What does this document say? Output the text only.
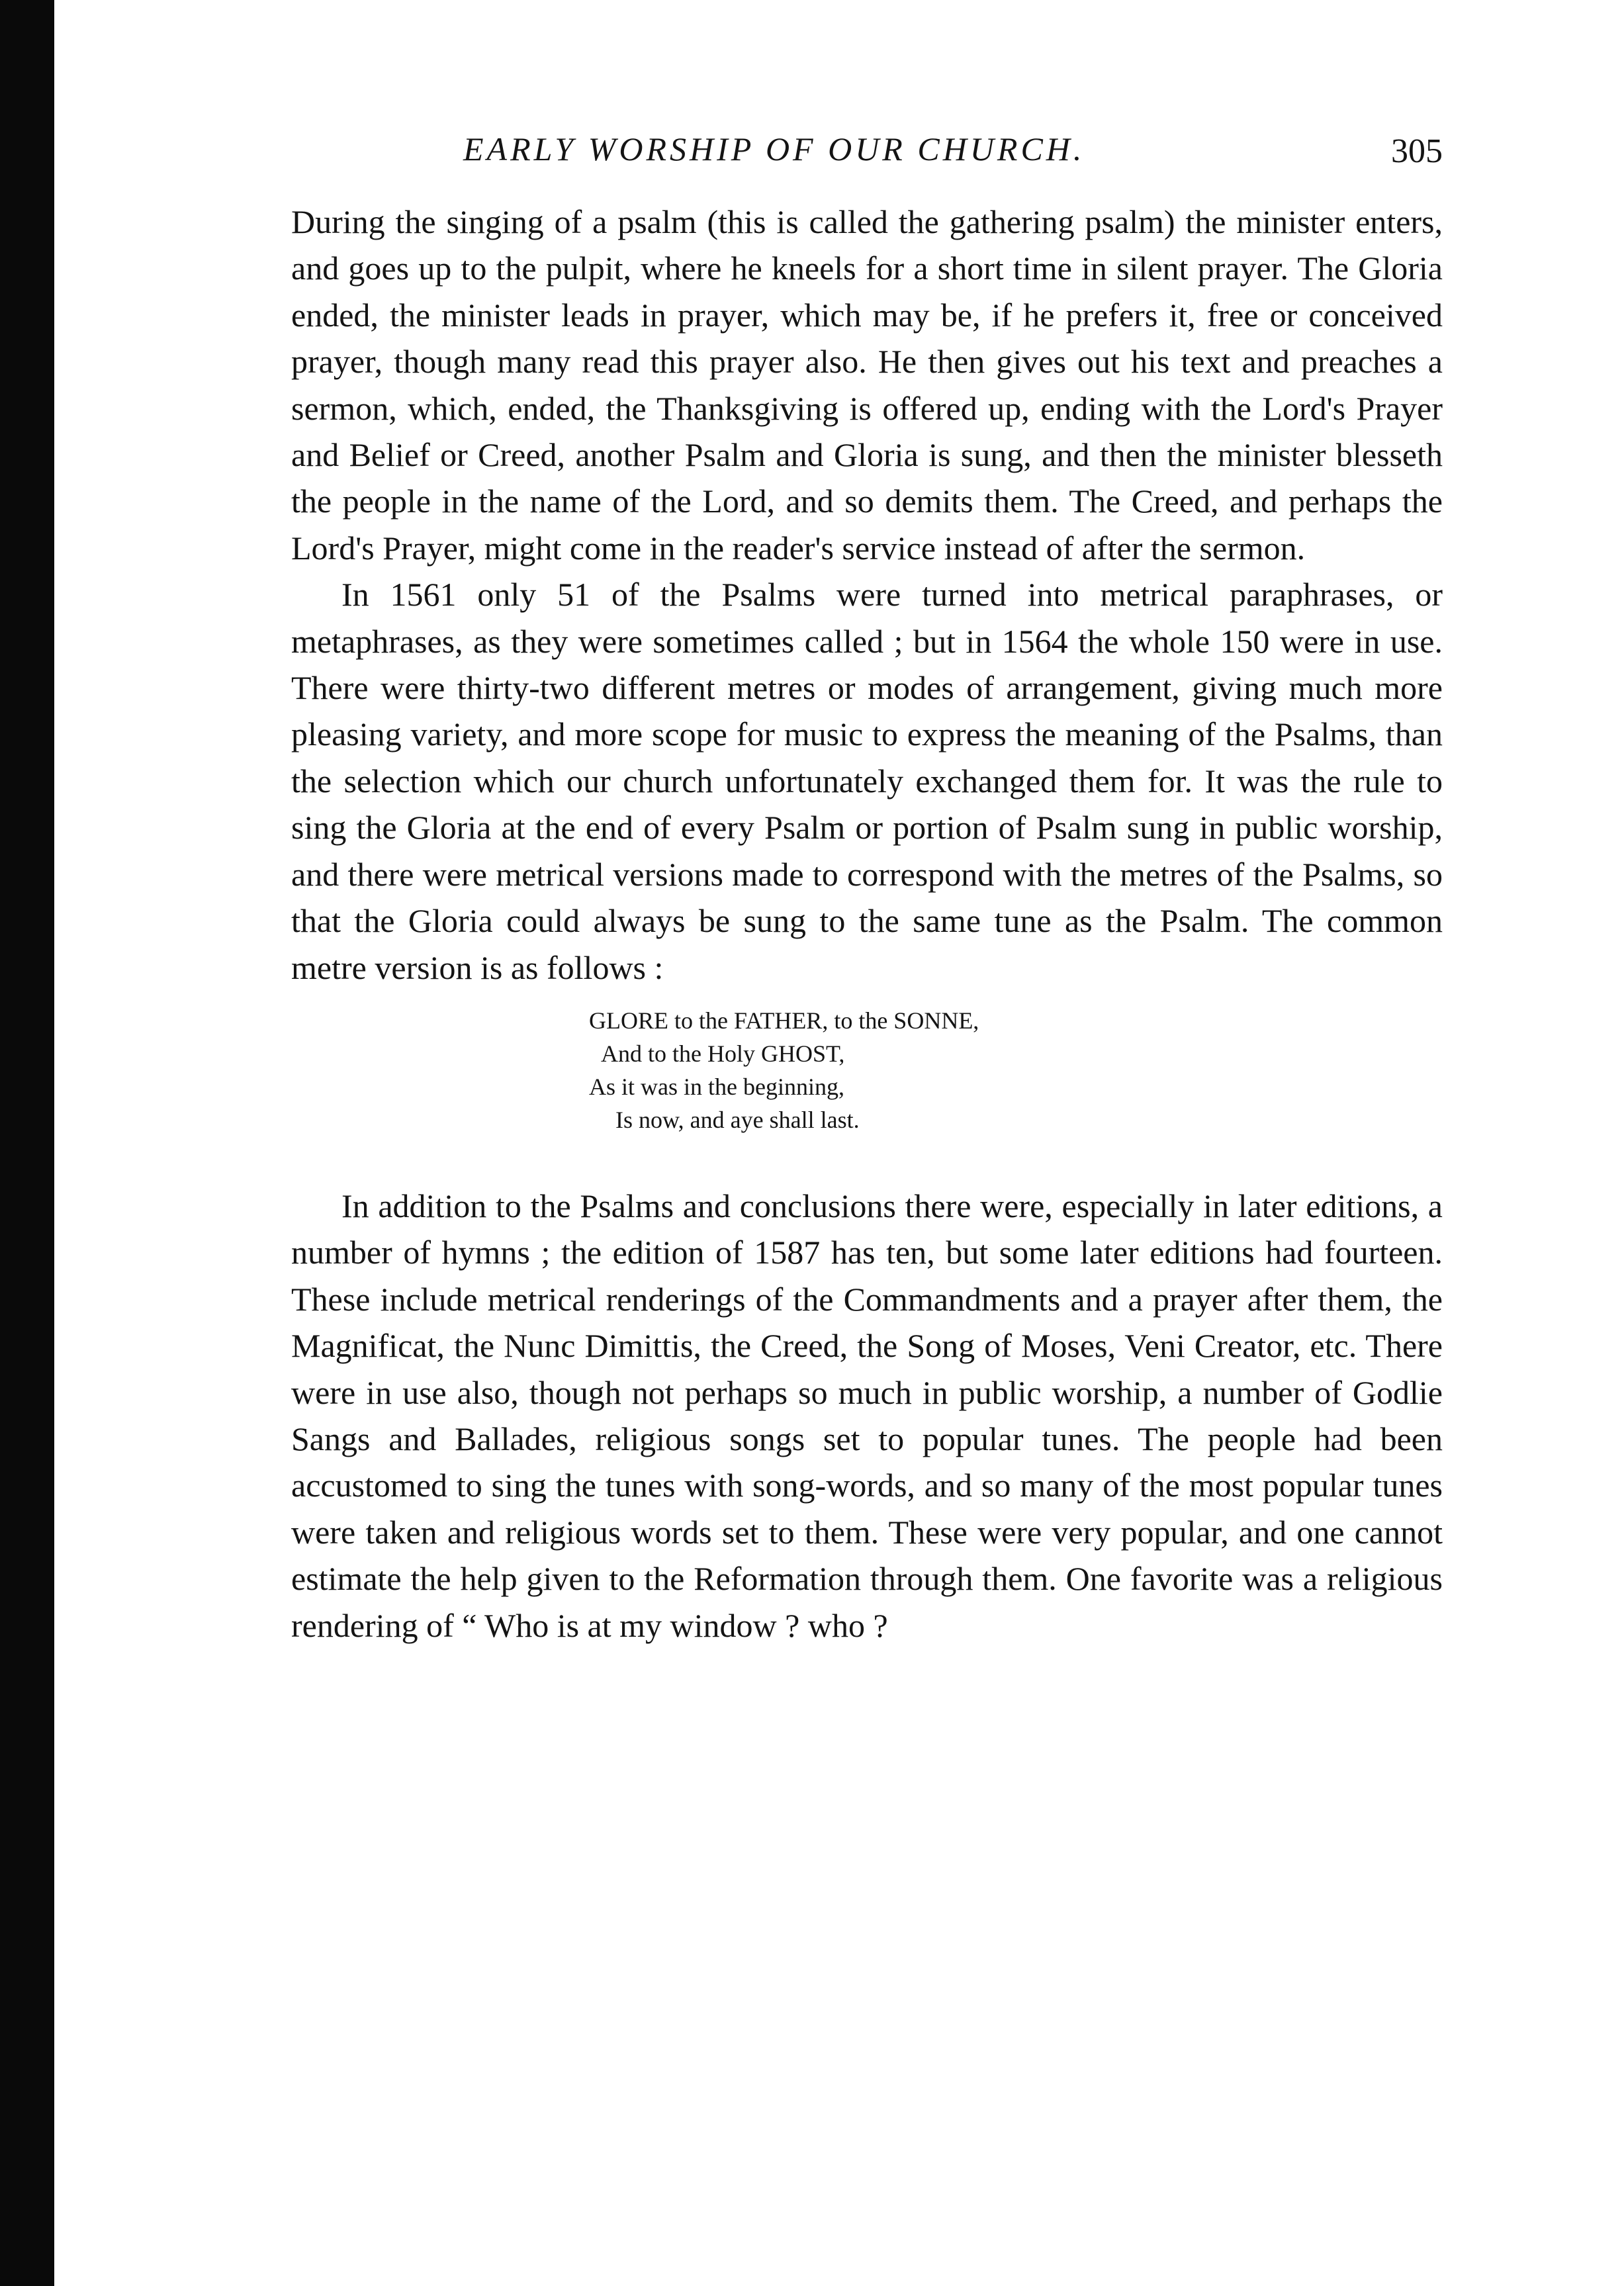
EARLY WORSHIP OF OUR CHURCH.	305

During the singing of a psalm (this is called the gathering psalm) the minister enters, and goes up to the pulpit, where he kneels for a short time in silent prayer. The Gloria ended, the minister leads in prayer, which may be, if he prefers it, free or conceived prayer, though many read this prayer also. He then gives out his text and preaches a sermon, which, ended, the Thanksgiving is offered up, ending with the Lord's Prayer and Belief or Creed, another Psalm and Gloria is sung, and then the minister blesseth the people in the name of the Lord, and so demits them. The Creed, and perhaps the Lord's Prayer, might come in the reader's service instead of after the sermon.

In 1561 only 51 of the Psalms were turned into metrical paraphrases, or metaphrases, as they were sometimes called ; but in 1564 the whole 150 were in use. There were thirty-two different metres or modes of arrangement, giving much more pleasing variety, and more scope for music to express the meaning of the Psalms, than the selection which our church unfortunately exchanged them for. It was the rule to sing the Gloria at the end of every Psalm or portion of Psalm sung in public worship, and there were metrical versions made to correspond with the metres of the Psalms, so that the Gloria could always be sung to the same tune as the Psalm. The common metre version is as follows :

GLORE to the FATHER, to the SONNE,
And to the Holy GHOST,
As it was in the beginning,
Is now, and aye shall last.

In addition to the Psalms and conclusions there were, especially in later editions, a number of hymns ; the edition of 1587 has ten, but some later editions had fourteen. These include metrical renderings of the Commandments and a prayer after them, the Magnificat, the Nunc Dimittis, the Creed, the Song of Moses, Veni Creator, etc. There were in use also, though not perhaps so much in public worship, a number of Godlie Sangs and Ballades, religious songs set to popular tunes. The people had been accustomed to sing the tunes with song-words, and so many of the most popular tunes were taken and religious words set to them. These were very popular, and one cannot estimate the help given to the Reformation through them. One favorite was a religious rendering of “ Who is at my window ? who ?
